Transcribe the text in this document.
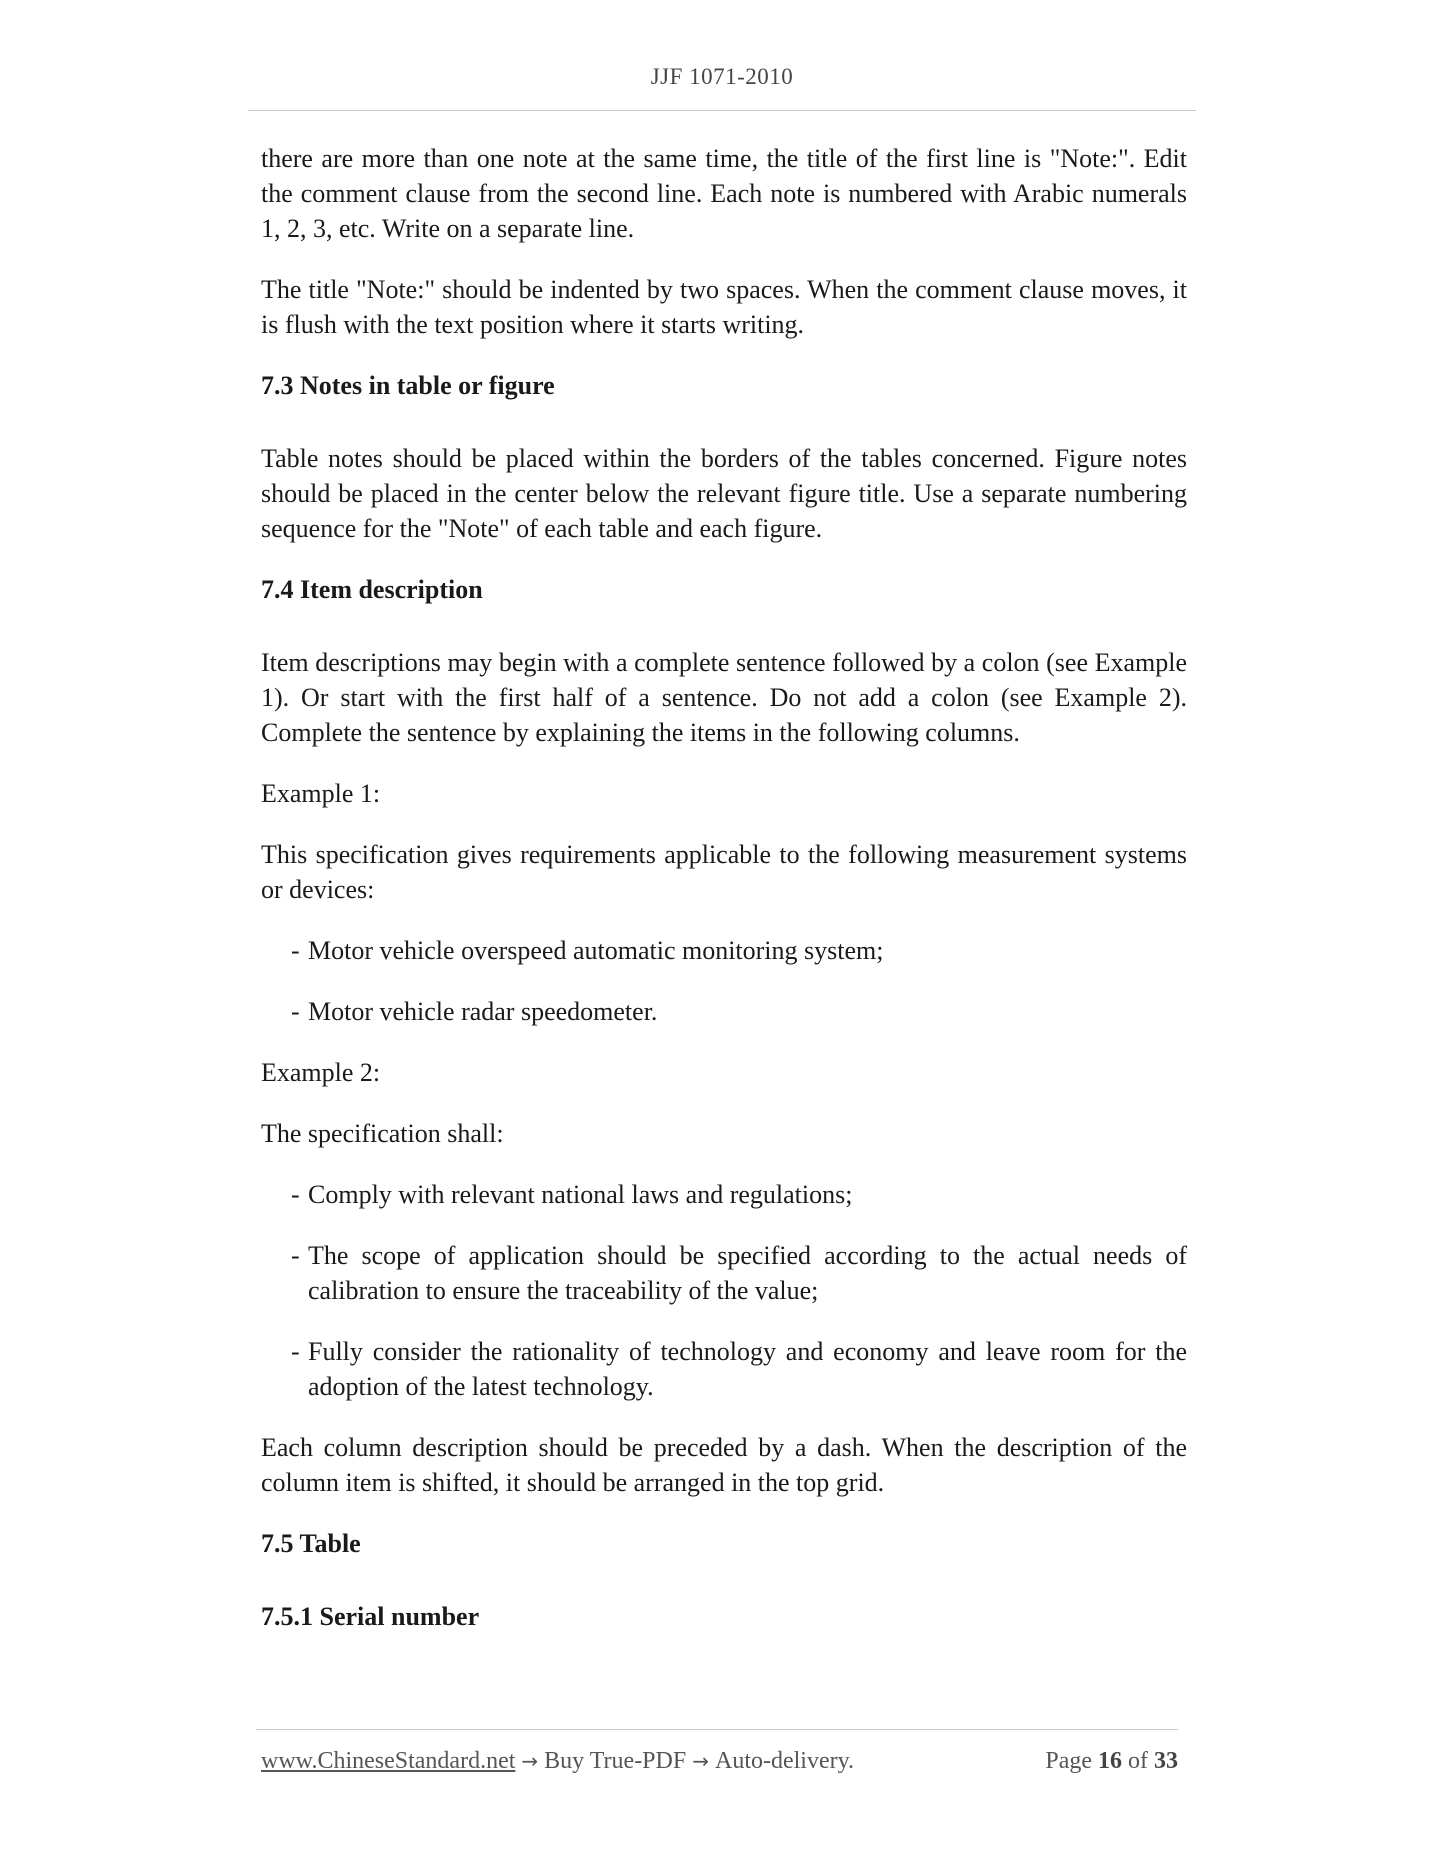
JJF 1071-2010

there are more than one note at the same time, the title of the first line is "Note:". Edit the comment clause from the second line. Each note is numbered with Arabic numerals 1, 2, 3, etc. Write on a separate line.

The title "Note:" should be indented by two spaces. When the comment clause moves, it is flush with the text position where it starts writing.

7.3 Notes in table or figure

Table notes should be placed within the borders of the tables concerned. Figure notes should be placed in the center below the relevant figure title. Use a separate numbering sequence for the "Note" of each table and each figure.

7.4 Item description

Item descriptions may begin with a complete sentence followed by a colon (see Example 1). Or start with the first half of a sentence. Do not add a colon (see Example 2). Complete the sentence by explaining the items in the following columns.

Example 1:

This specification gives requirements applicable to the following measurement systems or devices:

- Motor vehicle overspeed automatic monitoring system;
- Motor vehicle radar speedometer.

Example 2:

The specification shall:

- Comply with relevant national laws and regulations;
- The scope of application should be specified according to the actual needs of calibration to ensure the traceability of the value;
- Fully consider the rationality of technology and economy and leave room for the adoption of the latest technology.

Each column description should be preceded by a dash. When the description of the column item is shifted, it should be arranged in the top grid.

7.5 Table
7.5.1 Serial number
www.ChineseStandard.net → Buy True-PDF → Auto-delivery.	Page 16 of 33
